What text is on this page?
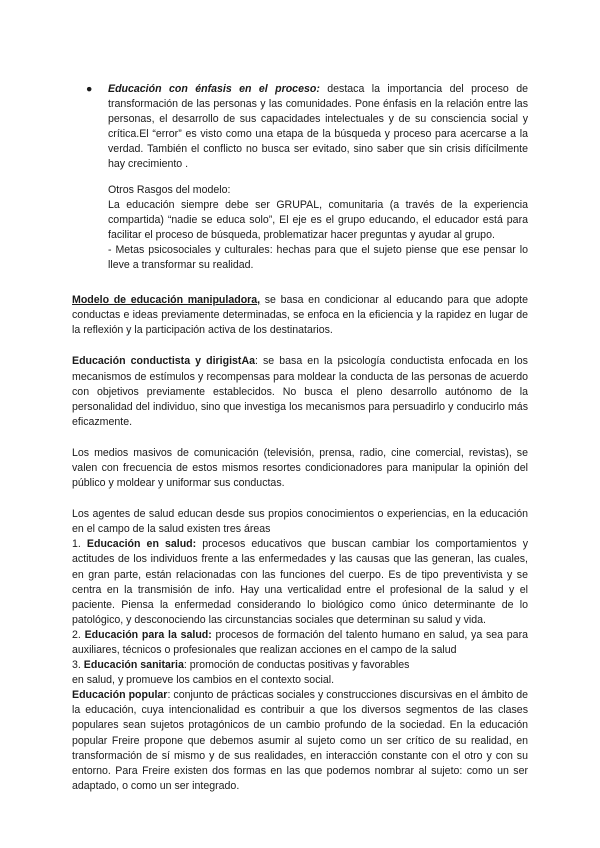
● Educación con énfasis en el proceso: destaca la importancia del proceso de transformación de las personas y las comunidades. Pone énfasis en la relación entre las personas, el desarrollo de sus capacidades intelectuales y de su consciencia social y crítica.El “error” es visto como una etapa de la búsqueda y proceso para acercarse a la verdad. También el conflicto no busca ser evitado, sino saber que sin crisis difícilmente hay crecimiento .

Otros Rasgos del modelo:

La educación siempre debe ser GRUPAL, comunitaria (a través de la experiencia compartida) “nadie se educa solo”, El eje es el grupo educando, el educador está para facilitar el proceso de búsqueda, problematizar hacer preguntas y ayudar al grupo.

- Metas psicosociales y culturales: hechas para que el sujeto piense que ese pensar lo lleve a transformar su realidad.

Modelo de educación manipuladora, se basa en condicionar al educando para que adopte conductas e ideas previamente determinadas, se enfoca en la eficiencia y la rapidez en lugar de la reflexión y la participación activa de los destinatarios.

Educación conductista y dirigistAa: se basa en la psicología conductista enfocada en los mecanismos de estímulos y recompensas para moldear la conducta de las personas de acuerdo con objetivos previamente establecidos. No busca el pleno desarrollo autónomo de la personalidad del individuo, sino que investiga los mecanismos para persuadirlo y conducirlo más eficazmente.

Los medios masivos de comunicación (televisión, prensa, radio, cine comercial, revistas), se valen con frecuencia de estos mismos resortes condicionadores para manipular la opinión del público y moldear y uniformar sus conductas.

Los agentes de salud educan desde sus propios conocimientos o experiencias, en la educación en el campo de la salud existen tres áreas

1. Educación en salud: procesos educativos que buscan cambiar los comportamientos y actitudes de los individuos frente a las enfermedades y las causas que las generan, las cuales, en gran parte, están relacionadas con las funciones del cuerpo. Es de tipo preventivista y se centra en la transmisión de info. Hay una verticalidad entre el profesional de la salud y el paciente. Piensa la enfermedad considerando lo biológico como único determinante de lo patológico, y desconociendo las circunstancias sociales que determinan su salud y vida.

2. Educación para la salud: procesos de formación del talento humano en salud, ya sea para auxiliares, técnicos o profesionales que realizan acciones en el campo de la salud

3. Educación sanitaria: promoción de conductas positivas y favorables

en salud, y promueve los cambios en el contexto social.

Educación popular: conjunto de prácticas sociales y construcciones discursivas en el ámbito de la educación, cuya intencionalidad es contribuir a que los diversos segmentos de las clases populares sean sujetos protagónicos de un cambio profundo de la sociedad. En la educación popular Freire propone que debemos asumir al sujeto como un ser crítico de su realidad, en transformación de sí mismo y de sus realidades, en interacción constante con el otro y con su entorno. Para Freire existen dos formas en las que podemos nombrar al sujeto: como un ser adaptado, o como un ser integrado.
